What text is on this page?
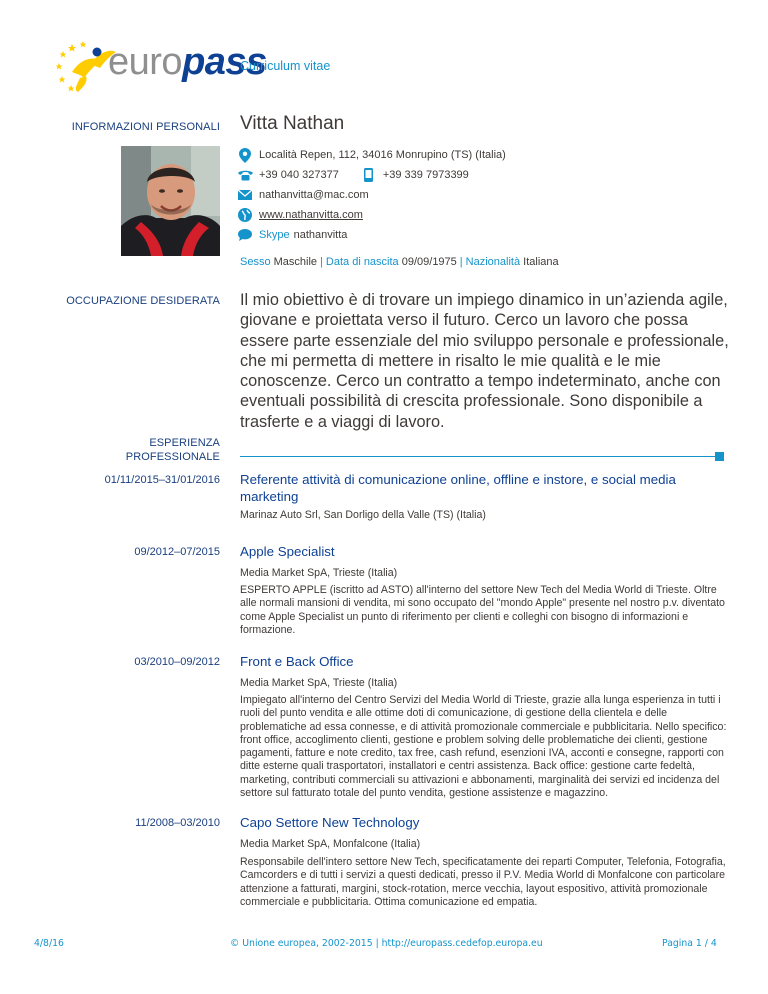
europass
Curriculum vitae
INFORMAZIONI PERSONALI Vitta Nathan
Località Repen, 112, 34016 Monrupino (TS) (Italia)
+39 040 327377	+39 339 7973399
nathanvitta@mac.com
www.nathanvitta.com
Skype nathanvitta
Sesso Maschile | Data di nascita 09/09/1975 | Nazionalità Italiana
OCCUPAZIONE DESIDERATA Il mio obiettivo è di trovare un impiego dinamico in un’azienda agile, giovane e proiettata verso il futuro. Cerco un lavoro che possa essere parte essenziale del mio sviluppo personale e professionale, che mi permetta di mettere in risalto le mie qualità e le mie conoscenze. Cerco un contratto a tempo indeterminato, anche con eventuali possibilità di crescita professionale. Sono disponibile a trasferte e a viaggi di lavoro.
ESPERIENZA
PROFESSIONALE
01/11/2015–31/01/2016 Referente attività di comunicazione online, offline e instore, e social media marketing
Marinaz Auto Srl, San Dorligo della Valle (TS) (Italia)
09/2012–07/2015 Apple Specialist
Media Market SpA, Trieste (Italia)
ESPERTO APPLE (iscritto ad ASTO) all'interno del settore New Tech del Media World di Trieste. Oltre alle normali mansioni di vendita, mi sono occupato del "mondo Apple" presente nel nostro p.v. diventato come Apple Specialist un punto di riferimento per clienti e colleghi con bisogno di informazioni e formazione.
03/2010–09/2012 Front e Back Office
Media Market SpA, Trieste (Italia)
Impiegato all'interno del Centro Servizi del Media World di Trieste, grazie alla lunga esperienza in tutti i ruoli del punto vendita e alle ottime doti di comunicazione, di gestione della clientela e delle problematiche ad essa connesse, e di attività promozionale commerciale e pubblicitaria. Nello specifico: front office, accoglimento clienti, gestione e problem solving delle problematiche dei clienti, gestione pagamenti, fatture e note credito, tax free, cash refund, esenzioni IVA, acconti e consegne, rapporti con ditte esterne quali trasportatori, installatori e centri assistenza. Back office: gestione carte fedeltà, marketing, contributi commerciali su attivazioni e abbonamenti, marginalità dei servizi ed incidenza del settore sul fatturato totale del punto vendita, gestione assistenze e magazzino.
11/2008–03/2010 Capo Settore New Technology
Media Market SpA, Monfalcone (Italia)
Responsabile dell'intero settore New Tech, specificatamente dei reparti Computer, Telefonia, Fotografia, Camcorders e di tutti i servizi a questi dedicati, presso il P.V. Media World di Monfalcone con particolare attenzione a fatturati, margini, stock-rotation, merce vecchia, layout espositivo, attività promozionale commerciale e pubblicitaria. Ottima comunicazione ed empatia.
4/8/16	© Unione europea, 2002-2015 | http://europass.cedefop.europa.eu	Pagina 1 / 4
